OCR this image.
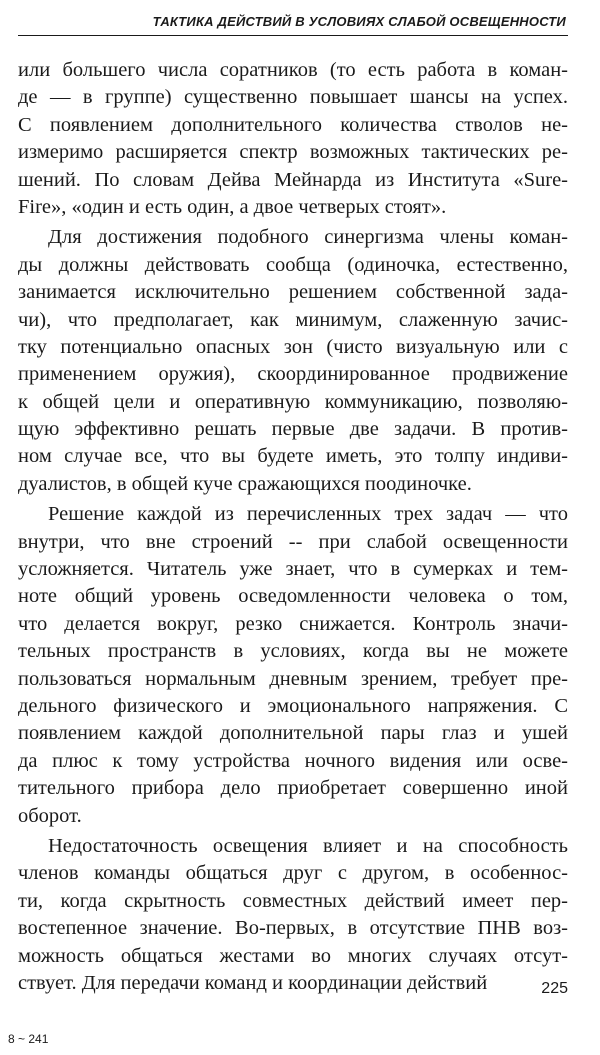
ТАКТИКА ДЕЙСТВИЙ В УСЛОВИЯХ СЛАБОЙ ОСВЕЩЕННОСТИ
или большего числа соратников (то есть работа в коман-
де — в группе) существенно повышает шансы на успех.
С появлением дополнительного количества стволов не-
измеримо расширяется спектр возможных тактических ре-
шений. По словам Дейва Мейнарда из Института «Sure-
Fire», «один и есть один, а двое четверых стоят».
Для достижения подобного синергизма члены коман-
ды должны действовать сообща (одиночка, естественно,
занимается исключительно решением собственной зада-
чи), что предполагает, как минимум, слаженную зачис-
тку потенциально опасных зон (чисто визуальную или с
применением оружия), скоординированное продвижение
к общей цели и оперативную коммуникацию, позволяю-
щую эффективно решать первые две задачи. В против-
ном случае все, что вы будете иметь, это толпу индиви-
дуалистов, в общей куче сражающихся поодиночке.
Решение каждой из перечисленных трех задач — что
внутри, что вне строений -- при слабой освещенности
усложняется. Читатель уже знает, что в сумерках и тем-
ноте общий уровень осведомленности человека о том,
что делается вокруг, резко снижается. Контроль значи-
тельных пространств в условиях, когда вы не можете
пользоваться нормальным дневным зрением, требует пре-
дельного физического и эмоционального напряжения. С
появлением каждой дополнительной пары глаз и ушей
да плюс к тому устройства ночного видения или осве-
тительного прибора дело приобретает совершенно иной
оборот.
Недостаточность освещения влияет и на способность
членов команды общаться друг с другом, в особеннос-
ти, когда скрытность совместных действий имеет пер-
востепенное значение. Во-первых, в отсутствие ПНВ воз-
можность общаться жестами во многих случаях отсут-
ствует. Для передачи команд и координации действий	225
8 ~ 241
